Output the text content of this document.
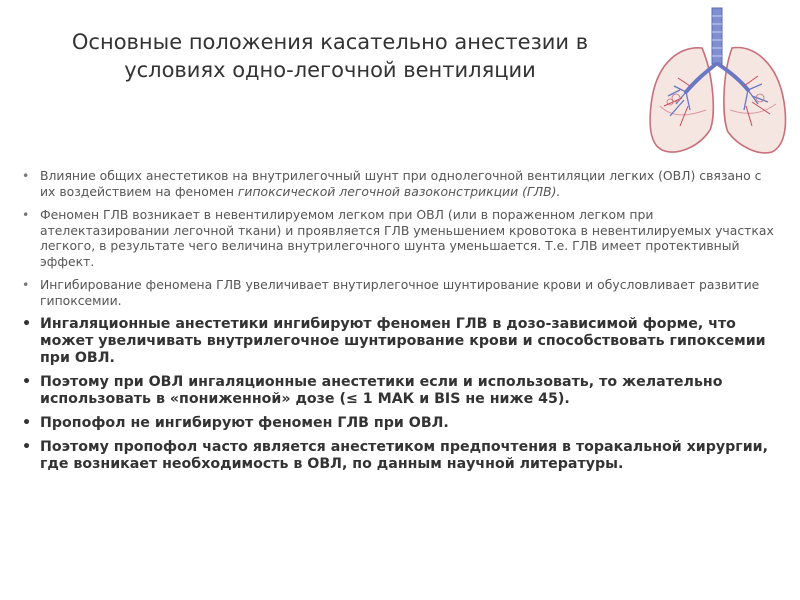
Основные положения касательно анестезии в условиях одно-легочной вентиляции
• Влияние общих анестетиков на внутрилегочный шунт при однолегочной вентиляции легких (ОВЛ) связано с их воздействием на феномен гипоксической легочной вазоконстрикции (ГЛВ).
• Феномен ГЛВ возникает в невентилируемом легком при ОВЛ (или в пораженном легком при ателектазировании легочной ткани) и проявляется ГЛВ уменьшением кровотока в невентилируемых участках легкого, в результате чего величина внутрилегочного шунта уменьшается. Т.е. ГЛВ имеет протективный эффект.
• Ингибирование феномена ГЛВ увеличивает внутирлегочное шунтирование крови и обусловливает развитие гипоксемии.
• Ингаляционные анестетики ингибируют феномен ГЛВ в дозо-зависимой форме, что может увеличивать внутрилегочное шунтирование крови и способствовать гипоксемии при ОВЛ.
• Поэтому при ОВЛ ингаляционные анестетики если и использовать, то желательно использовать в «пониженной» дозе (≤ 1 МАК и BIS не ниже 45).
• Пропофол не ингибируют феномен ГЛВ при ОВЛ.
• Поэтому пропофол часто является анестетиком предпочтения в торакальной хирургии, где возникает необходимость в ОВЛ, по данным научной литературы.
